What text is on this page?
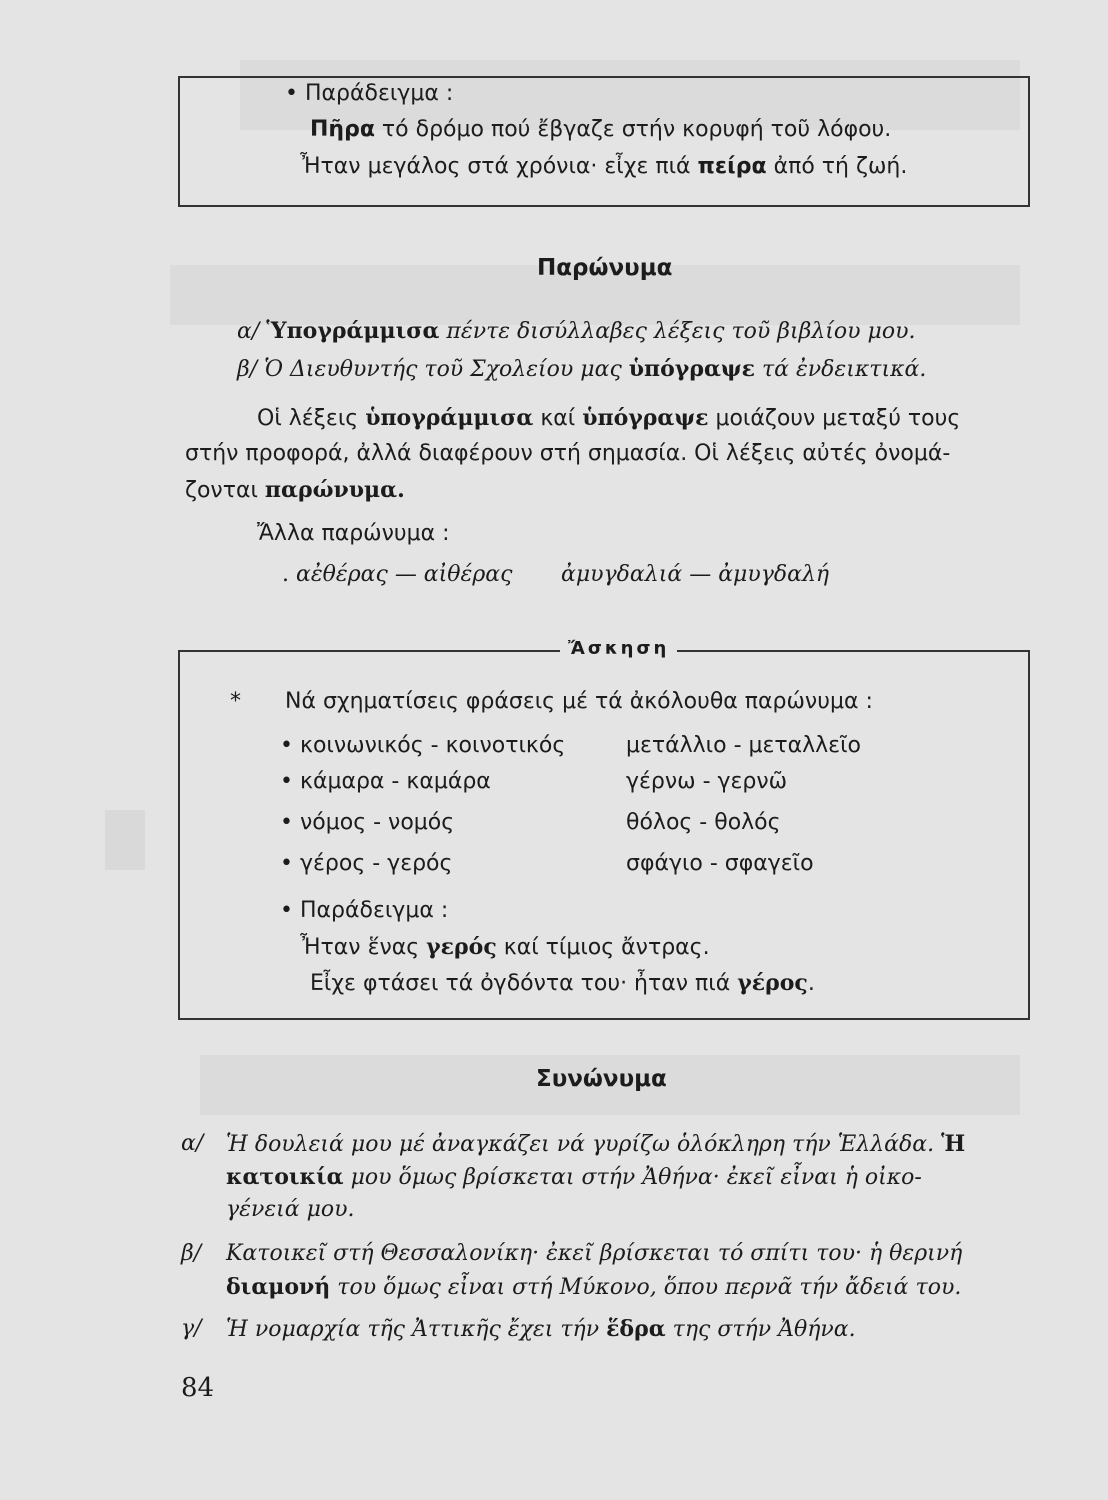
• Παράδειγμα :
Πῆρα τό δρόμο πού ἔβγαζε στήν κορυφή τοῦ λόφου.
Ἦταν μεγάλος στά χρόνια· εἶχε πιά πείρα ἀπό τή ζωή.
Παρώνυμα
α/ Ὑπογράμμισα πέντε δισύλλαβες λέξεις τοῦ βιβλίου μου.
β/ Ὁ Διευθυντής τοῦ Σχολείου μας ὑπόγραψε τά ἐνδεικτικά.
Οἱ λέξεις ὑπογράμμισα καί ὑπόγραψε μοιάζουν μεταξύ τους
στήν προφορά, ἀλλά διαφέρουν στή σημασία. Οἱ λέξεις αὐτές ὀνομά-
ζονται παρώνυμα.
Ἄλλα παρώνυμα :
. αἐθέρας — αἰθέρας ἀμυγδαλιά — ἀμυγδαλή
Ἄσκηση
* Νά σχηματίσεις φράσεις μέ τά ἀκόλουθα παρώνυμα :
• κοινωνικός - κοινοτικός
• κάμαρα - καμάρα
• νόμος - νομός
• γέρος - γερός
μετάλλιο - μεταλλεῖο
γέρνω - γερνῶ
θόλος - θολός
σφάγιο - σφαγεῖο
• Παράδειγμα :
Ἦταν ἕνας γερός καί τίμιος ἄντρας.
Εἶχε φτάσει τά ὀγδόντα του· ἦταν πιά γέρος.
Συνώνυμα
α/ Ἡ δουλειά μου μέ ἀναγκάζει νά γυρίζω ὁλόκληρη τήν Ἑλλάδα. Ἡ
κατοικία μου ὅμως βρίσκεται στήν Ἀθήνα· ἐκεῖ εἶναι ἡ οἰκο-
γένειά μου.
β/ Κατοικεῖ στή Θεσσαλονίκη· ἐκεῖ βρίσκεται τό σπίτι του· ἡ θερινή
διαμονή του ὅμως εἶναι στή Μύκονο, ὅπου περνᾶ τήν ἄδειά του.
γ/ Ἡ νομαρχία τῆς Ἀττικῆς ἔχει τήν ἕδρα της στήν Ἀθήνα.
84
